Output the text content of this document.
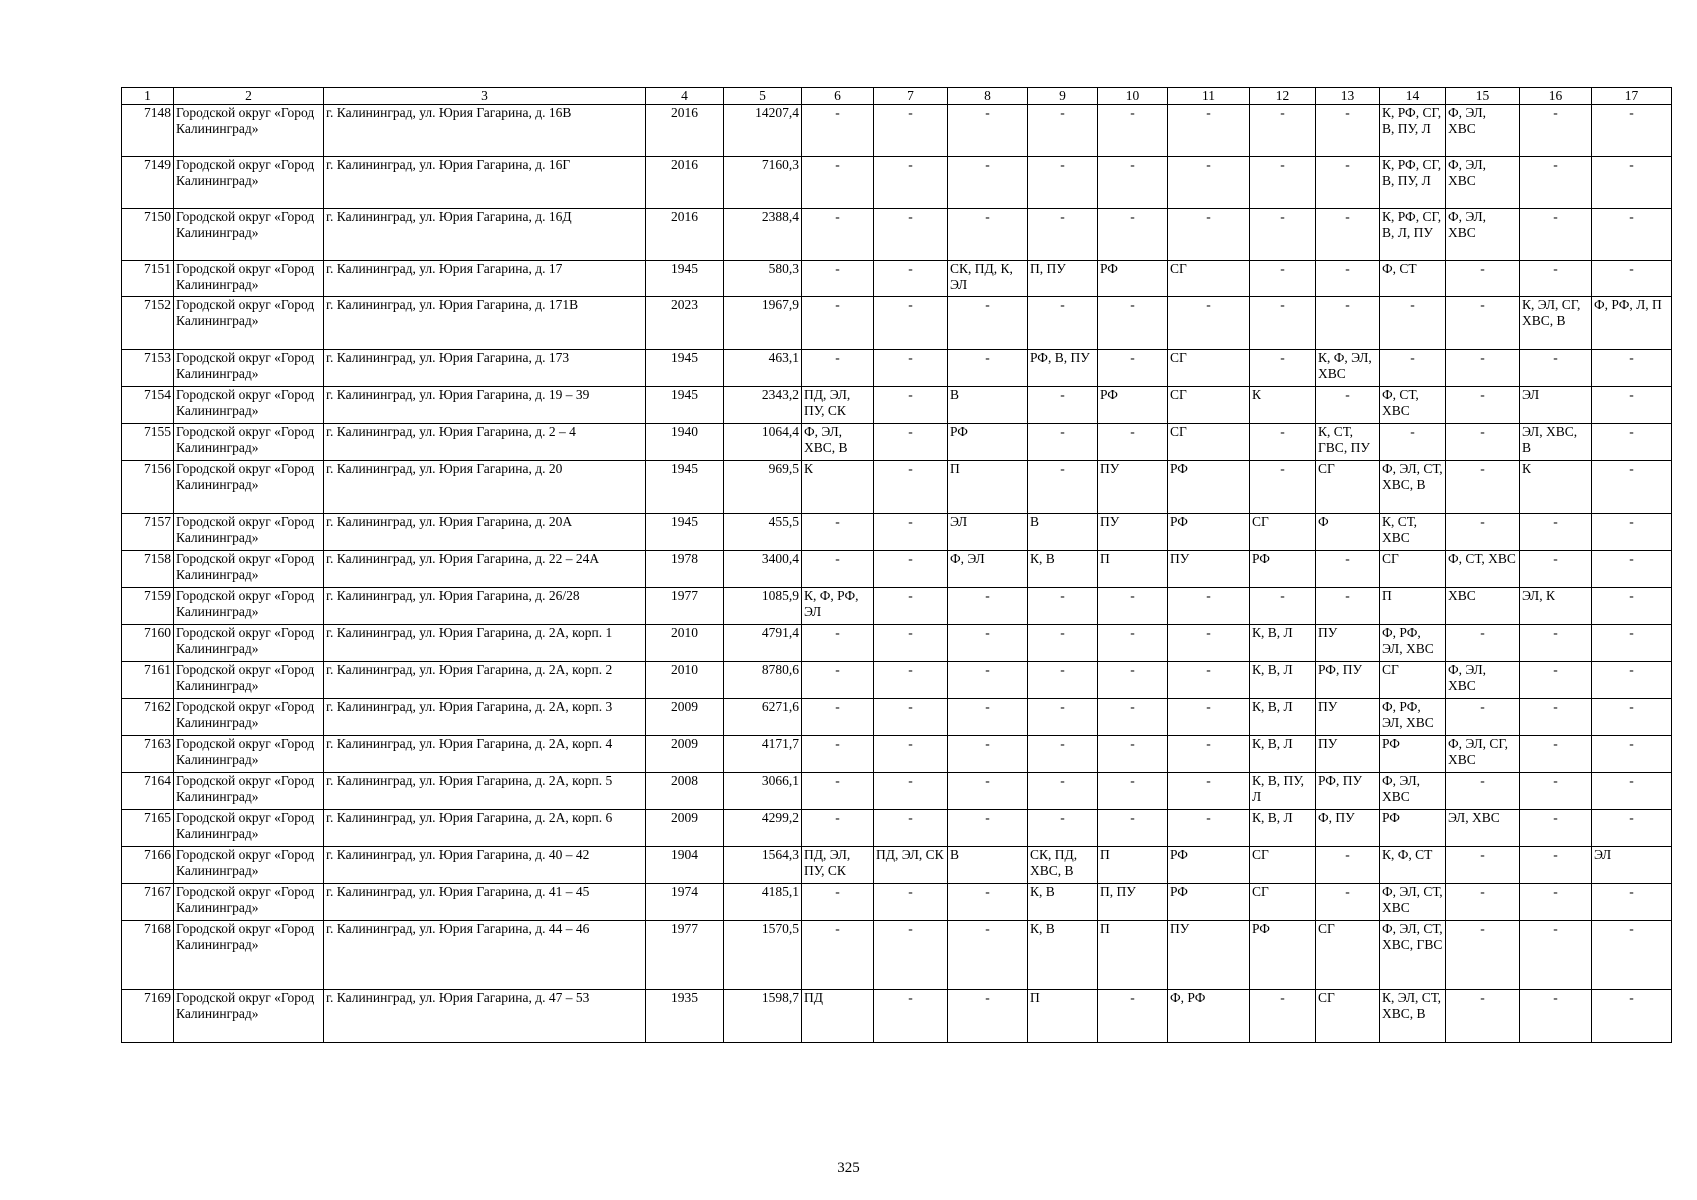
1	2	3	4	5	6	7	8	9	10	11	12	13	14	15	16	17
7148	Городской округ «Город Калининград»	г. Калининград, ул. Юрия Гагарина, д. 16В	2016	14207,4	-	-	-	-	-	-	-	-	К, РФ, СГ, В, ПУ, Л	Ф, ЭЛ, ХВС	-	-
7149	Городской округ «Город Калининград»	г. Калининград, ул. Юрия Гагарина, д. 16Г	2016	7160,3	-	-	-	-	-	-	-	-	К, РФ, СГ, В, ПУ, Л	Ф, ЭЛ, ХВС	-	-
7150	Городской округ «Город Калининград»	г. Калининград, ул. Юрия Гагарина, д. 16Д	2016	2388,4	-	-	-	-	-	-	-	-	К, РФ, СГ, В, Л, ПУ	Ф, ЭЛ, ХВС	-	-
7151	Городской округ «Город Калининград»	г. Калининград, ул. Юрия Гагарина, д. 17	1945	580,3	-	-	СК, ПД, К, ЭЛ	П, ПУ	РФ	СГ	-	-	Ф, СТ	-	-	-
7152	Городской округ «Город Калининград»	г. Калининград, ул. Юрия Гагарина, д. 171В	2023	1967,9	-	-	-	-	-	-	-	-	-	-	К, ЭЛ, СГ, ХВС, В	Ф, РФ, Л, П
7153	Городской округ «Город Калининград»	г. Калининград, ул. Юрия Гагарина, д. 173	1945	463,1	-	-	-	РФ, В, ПУ	-	СГ	-	К, Ф, ЭЛ, ХВС	-	-	-	-
7154	Городской округ «Город Калининград»	г. Калининград, ул. Юрия Гагарина, д. 19 – 39	1945	2343,2	ПД, ЭЛ, ПУ, СК	-	В	-	РФ	СГ	К	-	Ф, СТ, ХВС	-	ЭЛ	-
7155	Городской округ «Город Калининград»	г. Калининград, ул. Юрия Гагарина, д. 2 – 4	1940	1064,4	Ф, ЭЛ, ХВС, В	-	РФ	-	-	СГ	-	К, СТ, ГВС, ПУ	-	-	ЭЛ, ХВС, В	-
7156	Городской округ «Город Калининград»	г. Калининград, ул. Юрия Гагарина, д. 20	1945	969,5	К	-	П	-	ПУ	РФ	-	СГ	Ф, ЭЛ, СТ, ХВС, В	-	К	-
7157	Городской округ «Город Калининград»	г. Калининград, ул. Юрия Гагарина, д. 20А	1945	455,5	-	-	ЭЛ	В	ПУ	РФ	СГ	Ф	К, СТ, ХВС	-	-	-
7158	Городской округ «Город Калининград»	г. Калининград, ул. Юрия Гагарина, д. 22 – 24А	1978	3400,4	-	-	Ф, ЭЛ	К, В	П	ПУ	РФ	-	СГ	Ф, СТ, ХВС	-	-
7159	Городской округ «Город Калининград»	г. Калининград, ул. Юрия Гагарина, д. 26/28	1977	1085,9	К, Ф, РФ, ЭЛ	-	-	-	-	-	-	-	П	ХВС	ЭЛ, К	-
7160	Городской округ «Город Калининград»	г. Калининград, ул. Юрия Гагарина, д. 2А, корп. 1	2010	4791,4	-	-	-	-	-	-	К, В, Л	ПУ	Ф, РФ, ЭЛ, ХВС	-	-	-
7161	Городской округ «Город Калининград»	г. Калининград, ул. Юрия Гагарина, д. 2А, корп. 2	2010	8780,6	-	-	-	-	-	-	К, В, Л	РФ, ПУ	СГ	Ф, ЭЛ, ХВС	-	-
7162	Городской округ «Город Калининград»	г. Калининград, ул. Юрия Гагарина, д. 2А, корп. 3	2009	6271,6	-	-	-	-	-	-	К, В, Л	ПУ	Ф, РФ, ЭЛ, ХВС	-	-	-
7163	Городской округ «Город Калининград»	г. Калининград, ул. Юрия Гагарина, д. 2А, корп. 4	2009	4171,7	-	-	-	-	-	-	К, В, Л	ПУ	РФ	Ф, ЭЛ, СГ, ХВС	-	-
7164	Городской округ «Город Калининград»	г. Калининград, ул. Юрия Гагарина, д. 2А, корп. 5	2008	3066,1	-	-	-	-	-	-	К, В, ПУ, Л	РФ, ПУ	Ф, ЭЛ, ХВС	-	-	-
7165	Городской округ «Город Калининград»	г. Калининград, ул. Юрия Гагарина, д. 2А, корп. 6	2009	4299,2	-	-	-	-	-	-	К, В, Л	Ф, ПУ	РФ	ЭЛ, ХВС	-	-
7166	Городской округ «Город Калининград»	г. Калининград, ул. Юрия Гагарина, д. 40 – 42	1904	1564,3	ПД, ЭЛ, ПУ, СК	ПД, ЭЛ, СК	В	СК, ПД, ХВС, В	П	РФ	СГ	-	К, Ф, СТ	-	-	ЭЛ
7167	Городской округ «Город Калининград»	г. Калининград, ул. Юрия Гагарина, д. 41 – 45	1974	4185,1	-	-	-	К, В	П, ПУ	РФ	СГ	-	Ф, ЭЛ, СТ, ХВС	-	-	-
7168	Городской округ «Город Калининград»	г. Калининград, ул. Юрия Гагарина, д. 44 – 46	1977	1570,5	-	-	-	К, В	П	ПУ	РФ	СГ	Ф, ЭЛ, СТ, ХВС, ГВС	-	-	-
7169	Городской округ «Город Калининград»	г. Калининград, ул. Юрия Гагарина, д. 47 – 53	1935	1598,7	ПД	-	-	П	-	Ф, РФ	-	СГ	К, ЭЛ, СТ, ХВС, В	-	-	-
325
